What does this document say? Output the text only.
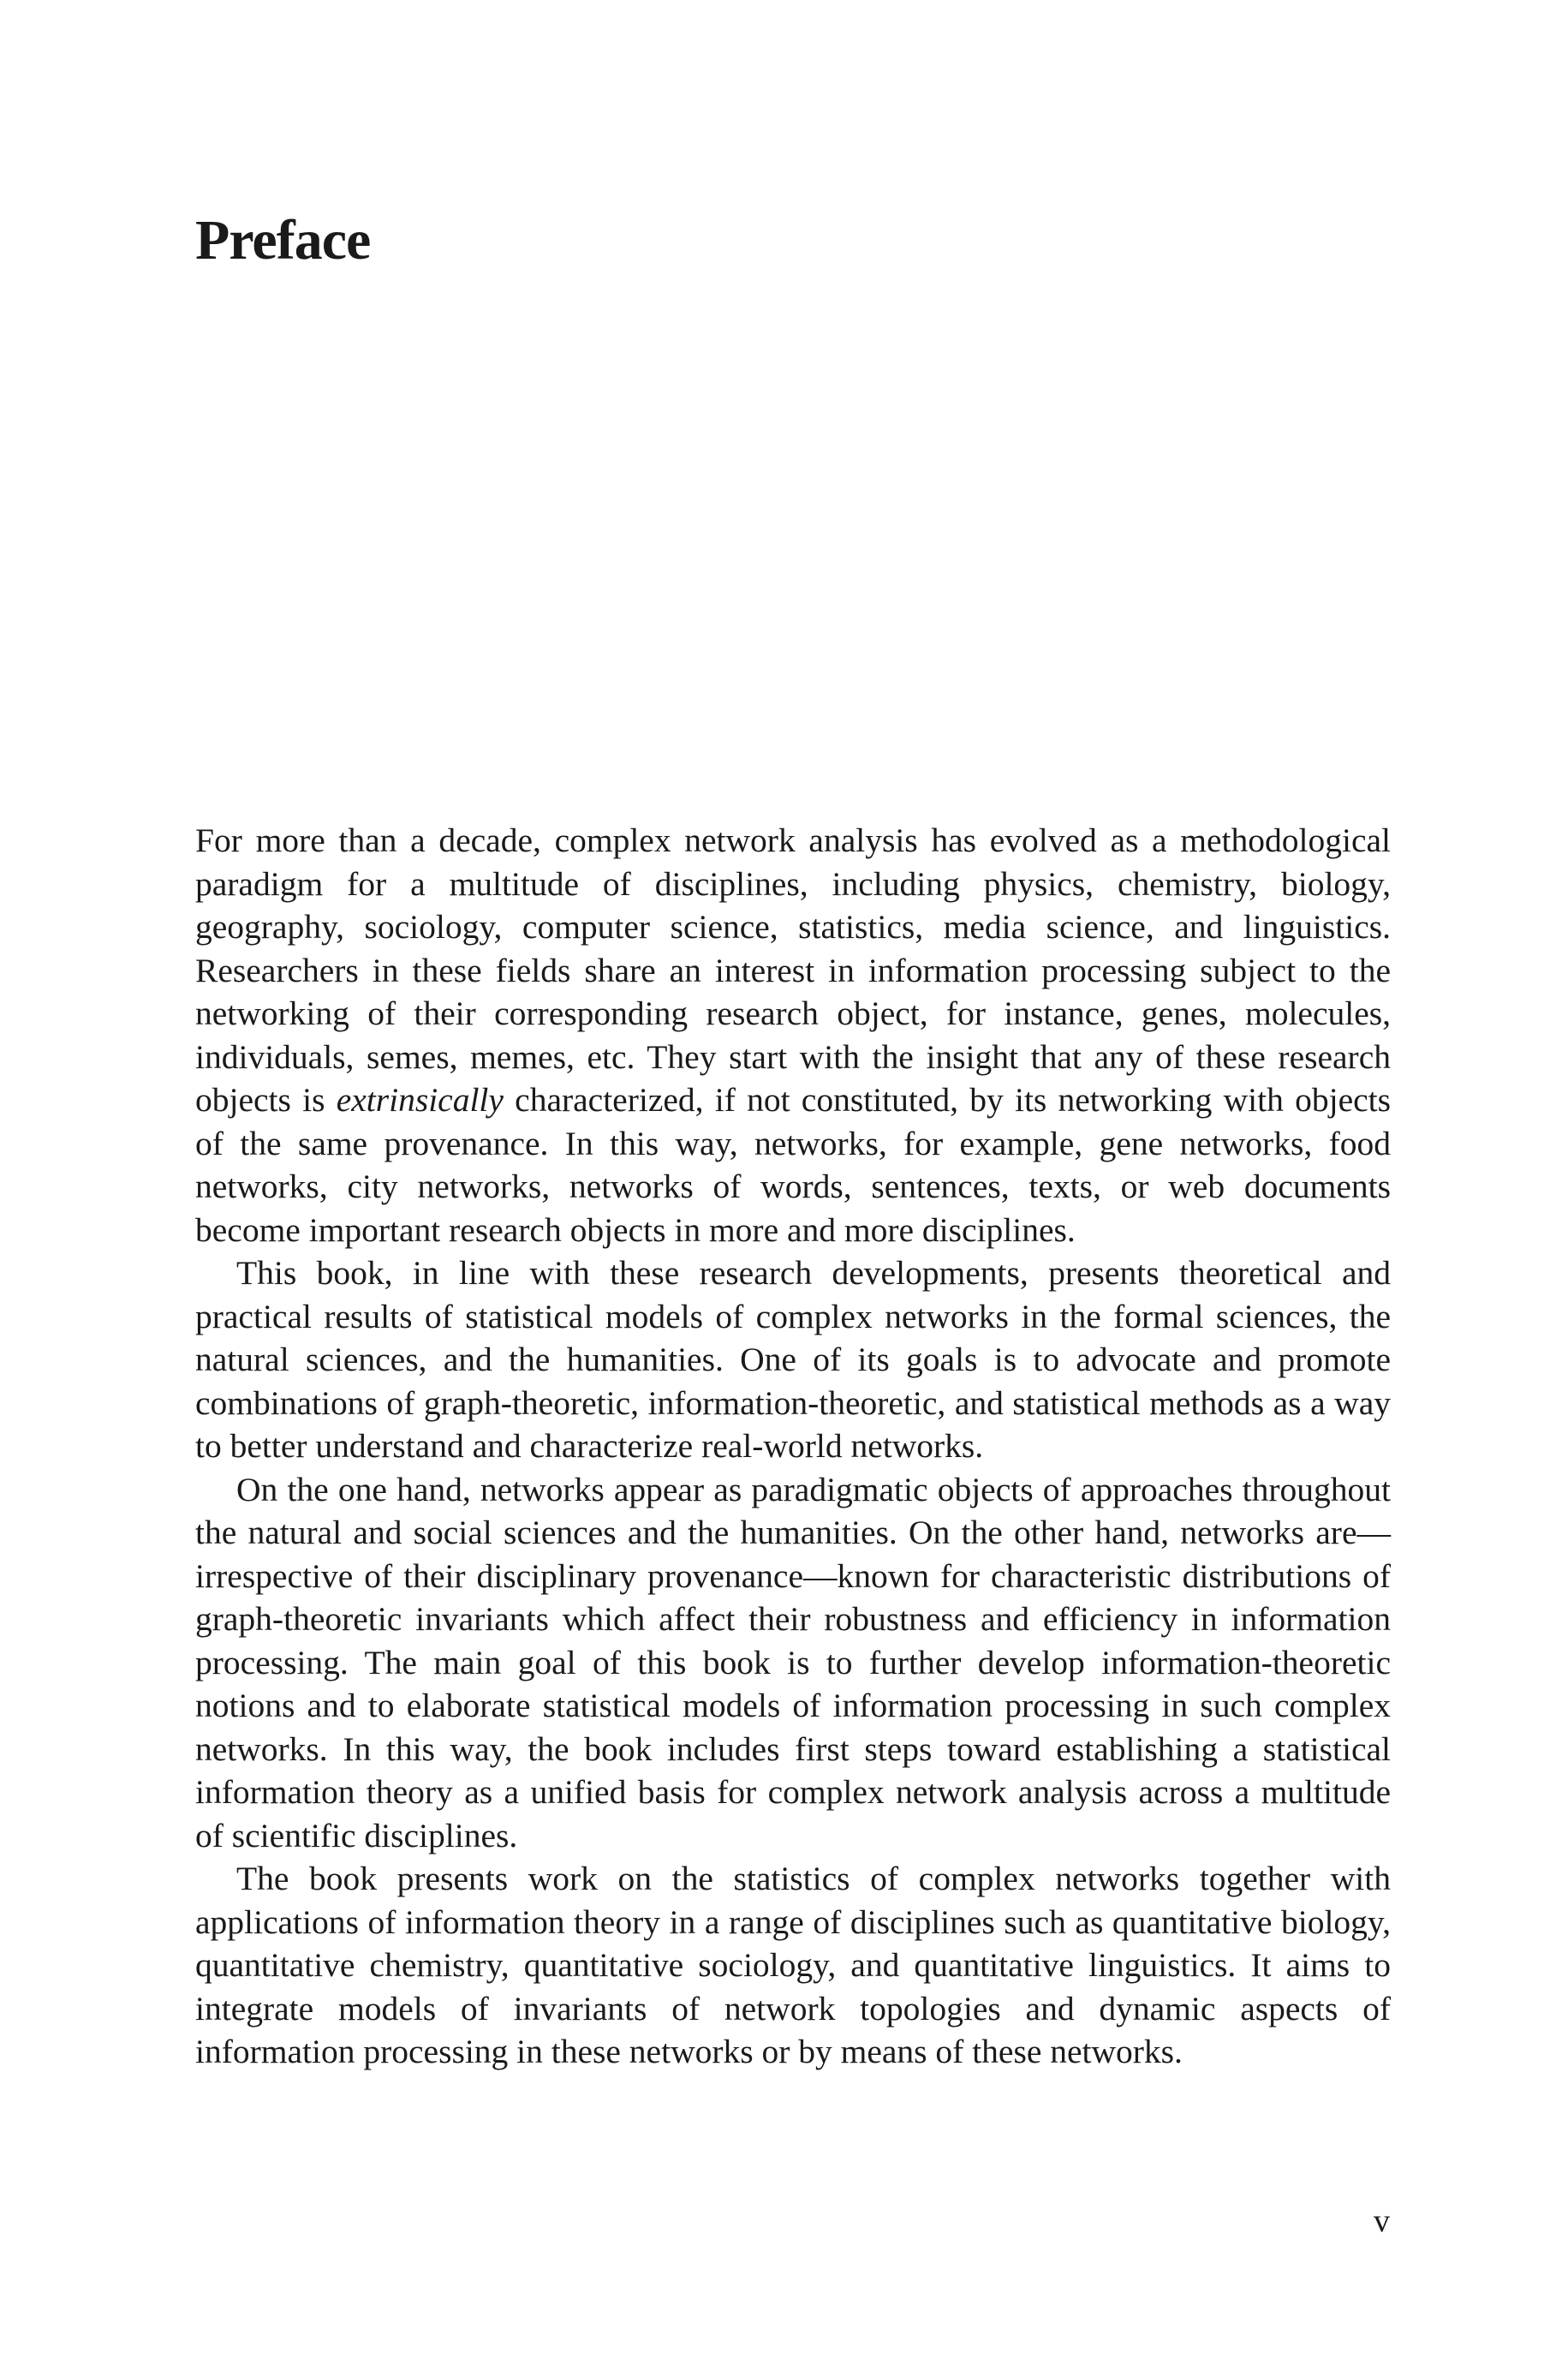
Preface

For more than a decade, complex network analysis has evolved as a methodological paradigm for a multitude of disciplines, including physics, chemistry, biology, geography, sociology, computer science, statistics, media science, and linguistics. Researchers in these fields share an interest in information processing subject to the networking of their corresponding research object, for instance, genes, molecules, individuals, semes, memes, etc. They start with the insight that any of these research objects is extrinsically characterized, if not constituted, by its networking with objects of the same provenance. In this way, networks, for example, gene networks, food networks, city networks, networks of words, sentences, texts, or web documents become important research objects in more and more disciplines.

This book, in line with these research developments, presents theoretical and practical results of statistical models of complex networks in the formal sciences, the natural sciences, and the humanities. One of its goals is to advocate and promote combinations of graph-theoretic, information-theoretic, and statistical methods as a way to better understand and characterize real-world networks.

On the one hand, networks appear as paradigmatic objects of approaches throughout the natural and social sciences and the humanities. On the other hand, networks are—irrespective of their disciplinary provenance—known for characteristic distributions of graph-theoretic invariants which affect their robustness and efficiency in information processing. The main goal of this book is to further develop information-theoretic notions and to elaborate statistical models of information processing in such complex networks. In this way, the book includes first steps toward establishing a statistical information theory as a unified basis for complex network analysis across a multitude of scientific disciplines.

The book presents work on the statistics of complex networks together with applications of information theory in a range of disciplines such as quantitative biology, quantitative chemistry, quantitative sociology, and quantitative linguistics. It aims to integrate models of invariants of network topologies and dynamic aspects of information processing in these networks or by means of these networks.

v
